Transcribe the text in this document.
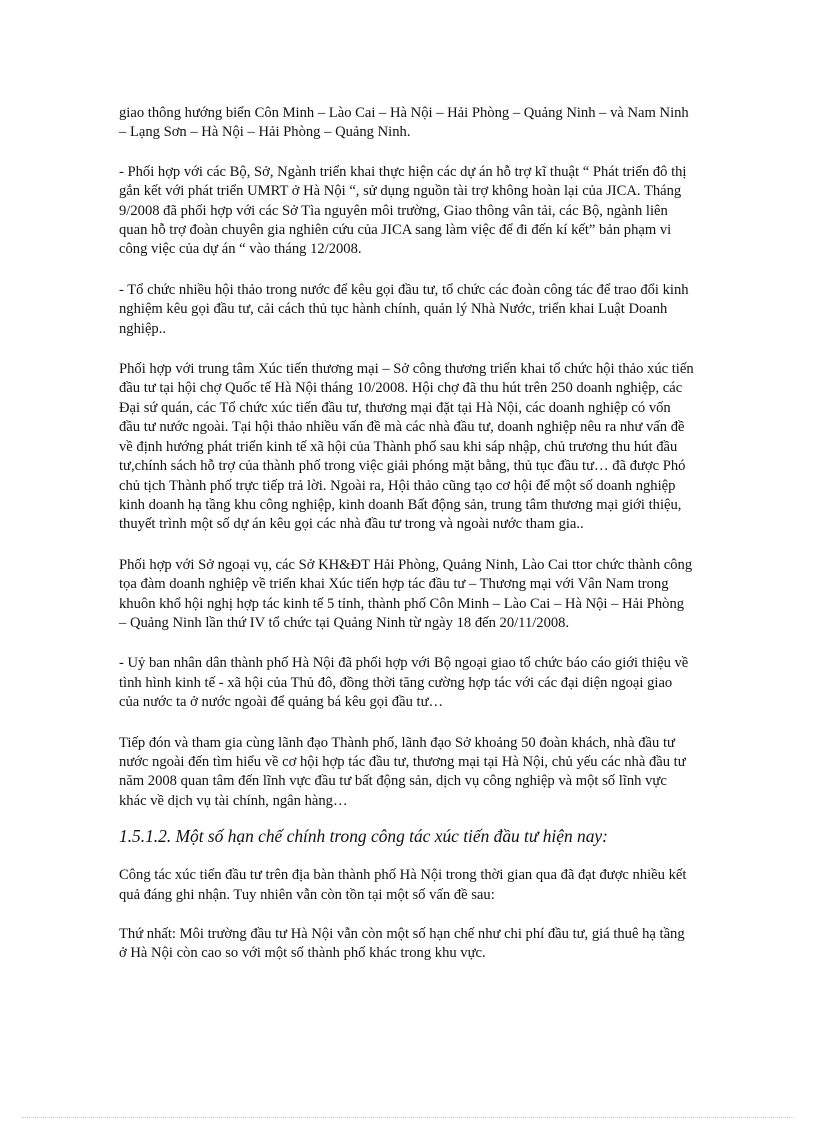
giao thông hướng biển Côn Minh – Lào Cai – Hà Nội – Hải Phòng – Quảng Ninh – và Nam Ninh – Lạng Sơn – Hà Nội – Hải Phòng – Quảng Ninh.

- Phối hợp với các Bộ, Sở, Ngành triển khai thực hiện các dự án hỗ trợ kĩ thuật “ Phát triển đô thị gắn kết với phát triển UMRT ở Hà Nội “, sử dụng nguồn tài trợ không hoàn lại của JICA. Tháng 9/2008 đã phối hợp với các Sở Tìa nguyên môi trường, Giao thông vân tải, các Bộ, ngành liên quan hỗ trợ đoàn chuyên gia nghiên cứu của JICA sang làm việc để đi đến kí kết” bản phạm vi công việc của dự án “ vào tháng 12/2008.

- Tổ chức nhiều hội thảo trong nước để kêu gọi đầu tư, tổ chức các đoàn công tác để trao đổi kinh nghiệm kêu gọi đầu tư, cải cách thủ tục hành chính, quản lý Nhà Nước, triển khai Luật Doanh nghiệp..

Phối hợp với trung tâm Xúc tiến thương mại – Sở công thương triển khai tổ chức hội thảo xúc tiến đầu tư tại hội chợ Quốc tế Hà Nội tháng 10/2008. Hội chợ đã thu hút trên 250 doanh nghiệp, các Đại sứ quán, các Tổ chức xúc tiến đầu tư, thương mại đặt tại Hà Nội, các doanh nghiệp có vốn đầu tư nước ngoài. Tại hội thảo nhiều vấn đề mà các nhà đầu tư, doanh nghiệp nêu ra như vấn đề về định hướng phát triển kinh tế xã hội của Thành phố sau khi sáp nhập, chủ trương thu hút đầu tư,chính sách hỗ trợ của thành phố trong việc giải phóng mặt bằng, thủ tục đầu tư… đã được Phó chủ tịch Thành phố trực tiếp trả lời. Ngoài ra, Hội thảo cũng tạo cơ hội để một số doanh nghiệp kinh doanh hạ tầng khu công nghiệp, kinh doanh Bất động sản, trung tâm thương mại giới thiệu, thuyết trình một số dự án kêu gọi các nhà đầu tư trong và ngoài nước tham gia..

Phối hợp với Sở ngoại vụ, các Sở KH&ĐT Hải Phòng, Quảng Ninh, Lào Cai ttor chức thành công tọa đàm doanh nghiệp về triển khai Xúc tiến hợp tác đầu tư – Thương mại với Vân Nam trong khuôn khổ hội nghị hợp tác kinh tế 5 tỉnh, thành phố Côn Minh – Lào Cai – Hà Nội – Hải Phòng – Quảng Ninh lần thứ IV tổ chức tại Quảng Ninh từ ngày 18 đến 20/11/2008.

- Uỷ ban nhân dân thành phố Hà Nội đã phối hợp với Bộ ngoại giao tổ chức báo cáo giới thiệu về tình hình kinh tế - xã hội của Thủ đô, đồng thời tăng cường hợp tác với các đại diện ngoại giao của nước ta ở nước ngoài để quảng bá kêu gọi đầu tư…

Tiếp đón và tham gia cùng lãnh đạo Thành phố, lãnh đạo Sở khoảng 50 đoàn khách, nhà đầu tư nước ngoài đến tìm hiểu về cơ hội hợp tác đầu tư, thương mại tại Hà Nội, chủ yếu các nhà đầu tư năm 2008 quan tâm đến lĩnh vực đầu tư bất động sản, dịch vụ công nghiệp và một số lĩnh vực khác về dịch vụ tài chính, ngân hàng…

1.5.1.2. Một số hạn chế chính trong công tác xúc tiến đầu tư hiện nay:

Công tác xúc tiến đầu tư trên địa bàn thành phố Hà Nội trong thời gian qua đã đạt được nhiều kết quả đáng ghi nhận. Tuy nhiên vẫn còn tồn tại một số vấn đề sau:

Thứ nhất: Môi trường đầu tư Hà Nội vẫn còn một số hạn chế như chi phí đầu tư, giá thuê hạ tầng ở Hà Nội còn cao so với một số thành phố khác trong khu vực.
